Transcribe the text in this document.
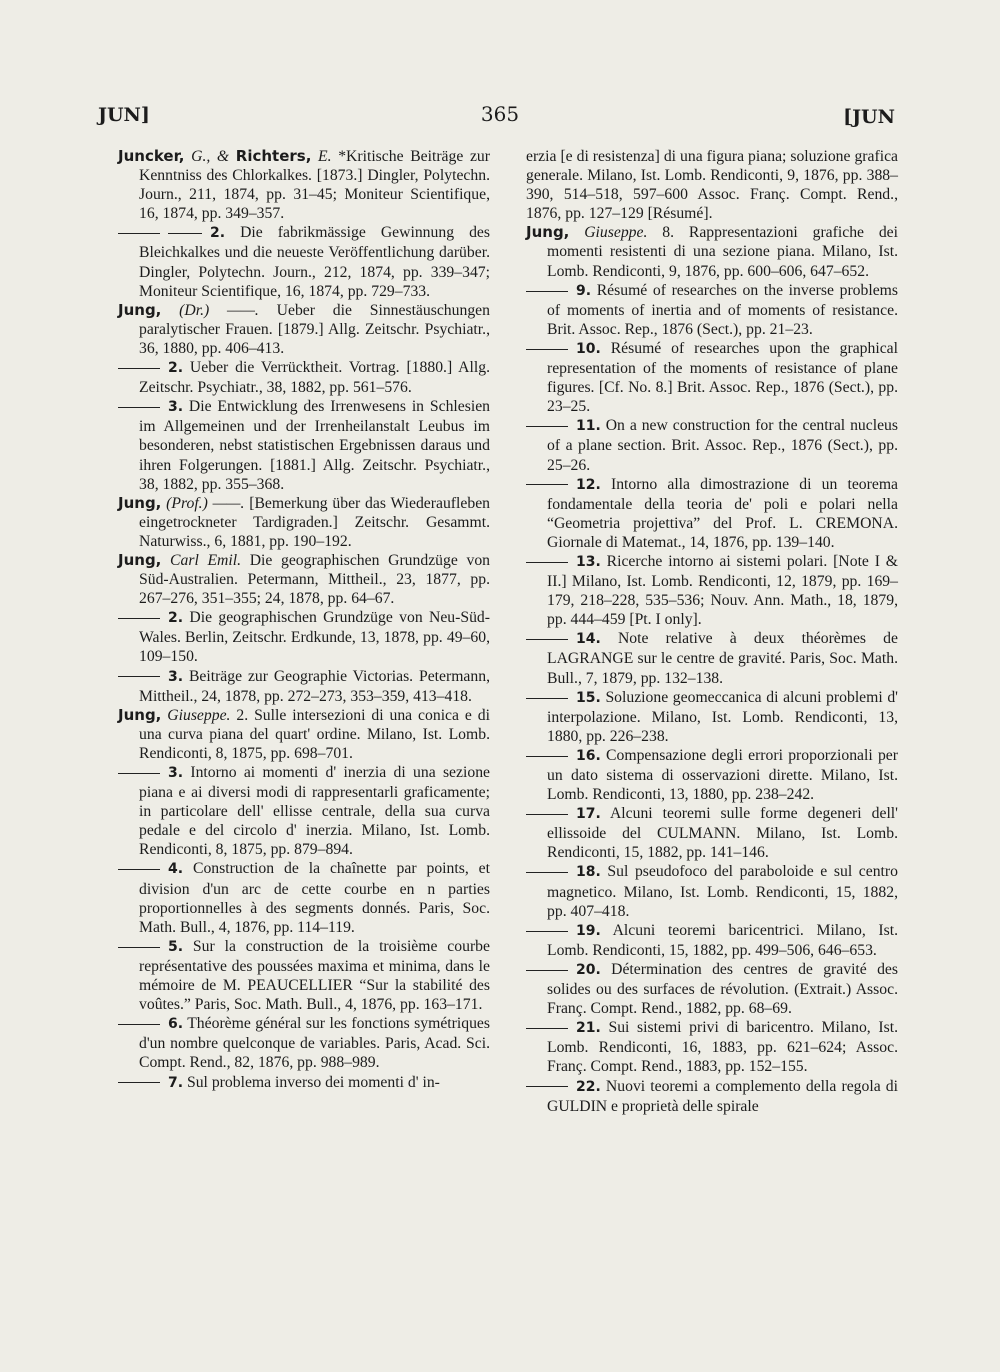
JUN]	365	[JUN

Juncker, G., & Richters, E. *Kritische Beiträge zur Kenntniss des Chlorkalkes. [1873.] Dingler, Polytechn. Journ., 211, 1874, pp. 31–45; Moniteur Scientifique, 16, 1874, pp. 349–357.

2. Die fabrikmässige Gewinnung des Bleichkalkes und die neueste Veröffentlichung darüber. Dingler, Polytechn. Journ., 212, 1874, pp. 339–347; Moniteur Scientifique, 16, 1874, pp. 729–733.

Jung, (Dr.) ——. Ueber die Sinnestäuschungen paralytischer Frauen. [1879.] Allg. Zeitschr. Psychiatr., 36, 1880, pp. 406–413.

2. Ueber die Verrücktheit. Vortrag. [1880.] Allg. Zeitschr. Psychiatr., 38, 1882, pp. 561–576.

3. Die Entwicklung des Irrenwesens in Schlesien im Allgemeinen und der Irrenheilanstalt Leubus im besonderen, nebst statistischen Ergebnissen daraus und ihren Folgerungen. [1881.] Allg. Zeitschr. Psychiatr., 38, 1882, pp. 355–368.

Jung, (Prof.) ——. [Bemerkung über das Wiederaufleben eingetrockneter Tardigraden.] Zeitschr. Gesammt. Naturwiss., 6, 1881, pp. 190–192.

Jung, Carl Emil. Die geographischen Grundzüge von Süd-Australien. Petermann, Mittheil., 23, 1877, pp. 267–276, 351–355; 24, 1878, pp. 64–67.

2. Die geographischen Grundzüge von Neu-Süd-Wales. Berlin, Zeitschr. Erdkunde, 13, 1878, pp. 49–60, 109–150.

3. Beiträge zur Geographie Victorias. Petermann, Mittheil., 24, 1878, pp. 272–273, 353–359, 413–418.

Jung, Giuseppe. 2. Sulle intersezioni di una conica e di una curva piana del quart' ordine. Milano, Ist. Lomb. Rendiconti, 8, 1875, pp. 698–701.

3. Intorno ai momenti d' inerzia di una sezione piana e ai diversi modi di rappresentarli graficamente; in particolare dell' ellisse centrale, della sua curva pedale e del circolo d' inerzia. Milano, Ist. Lomb. Rendiconti, 8, 1875, pp. 879–894.

4. Construction de la chaînette par points, et division d'un arc de cette courbe en n parties proportionnelles à des segments donnés. Paris, Soc. Math. Bull., 4, 1876, pp. 114–119.

5. Sur la construction de la troisième courbe représentative des poussées maxima et minima, dans le mémoire de M. PEAUCELLIER “Sur la stabilité des voûtes.” Paris, Soc. Math. Bull., 4, 1876, pp. 163–171.

6. Théorème général sur les fonctions symétriques d'un nombre quelconque de variables. Paris, Acad. Sci. Compt. Rend., 82, 1876, pp. 988–989.

7. Sul problema inverso dei momenti d' in-

erzia [e di resistenza] di una figura piana; soluzione grafica generale. Milano, Ist. Lomb. Rendiconti, 9, 1876, pp. 388–390, 514–518, 597–600 Assoc. Franç. Compt. Rend., 1876, pp. 127–129 [Résumé].

Jung, Giuseppe. 8. Rappresentazioni grafiche dei momenti resistenti di una sezione piana. Milano, Ist. Lomb. Rendiconti, 9, 1876, pp. 600–606, 647–652.

9. Résumé of researches on the inverse problems of moments of inertia and of moments of resistance. Brit. Assoc. Rep., 1876 (Sect.), pp. 21–23.

10. Résumé of researches upon the graphical representation of the moments of resistance of plane figures. [Cf. No. 8.] Brit. Assoc. Rep., 1876 (Sect.), pp. 23–25.

11. On a new construction for the central nucleus of a plane section. Brit. Assoc. Rep., 1876 (Sect.), pp. 25–26.

12. Intorno alla dimostrazione di un teorema fondamentale della teoria de' poli e polari nella “Geometria projettiva” del Prof. L. CREMONA. Giornale di Matemat., 14, 1876, pp. 139–140.

13. Ricerche intorno ai sistemi polari. [Note I & II.] Milano, Ist. Lomb. Rendiconti, 12, 1879, pp. 169–179, 218–228, 535–536; Nouv. Ann. Math., 18, 1879, pp. 444–459 [Pt. I only].

14. Note relative à deux théorèmes de LAGRANGE sur le centre de gravité. Paris, Soc. Math. Bull., 7, 1879, pp. 132–138.

15. Soluzione geomeccanica di alcuni problemi d' interpolazione. Milano, Ist. Lomb. Rendiconti, 13, 1880, pp. 226–238.

16. Compensazione degli errori proporzionali per un dato sistema di osservazioni dirette. Milano, Ist. Lomb. Rendiconti, 13, 1880, pp. 238–242.

17. Alcuni teoremi sulle forme degeneri dell' ellissoide del CULMANN. Milano, Ist. Lomb. Rendiconti, 15, 1882, pp. 141–146.

18. Sul pseudofoco del paraboloide e sul centro magnetico. Milano, Ist. Lomb. Rendiconti, 15, 1882, pp. 407–418.

19. Alcuni teoremi baricentrici. Milano, Ist. Lomb. Rendiconti, 15, 1882, pp. 499–506, 646–653.

20. Détermination des centres de gravité des solides ou des surfaces de révolution. (Extrait.) Assoc. Franç. Compt. Rend., 1882, pp. 68–69.

21. Sui sistemi privi di baricentro. Milano, Ist. Lomb. Rendiconti, 16, 1883, pp. 621–624; Assoc. Franç. Compt. Rend., 1883, pp. 152–155.

22. Nuovi teoremi a complemento della regola di GULDIN e proprietà delle spirale
